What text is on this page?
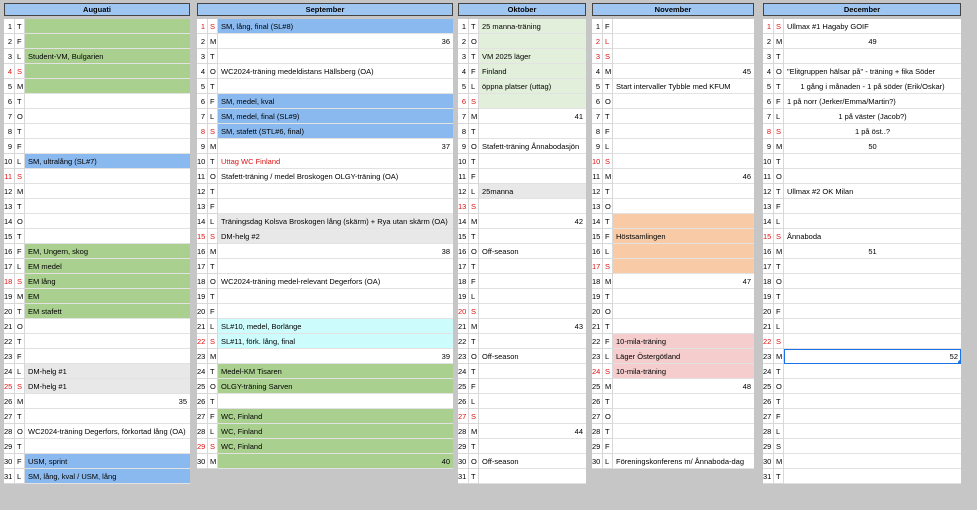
Auguati
1 T
2 F
3 L Student-VM, Bulgarien
4 S
5 M
6 T
7 O
8 T
9 F
10 L SM, ultralång (SL#7)
11 S
12 M
13 T
14 O
15 T
16 F EM, Ungern, skog
17 L EM medel
18 S EM lång
19 M EM
20 T EM stafett
21 O
22 T
23 F
24 L DM-helg #1
25 S DM-helg #1
26 M	35
27 T
28 O WC2024-träning Degerfors, förkortad lång (OA)
29 T
30 F USM, sprint
31 L SM, lång, kval / USM, lång
September
1 S SM, lång, final (SL#8)
2 M	36
3 T
4 O WC2024-träning medeldistans Hällsberg (OA)
5 T
6 F SM, medel, kval
7 L SM, medel, final (SL#9)
8 S SM, stafett (STL#6, final)
9 M	37
10 T Uttag WC Finland
11 O Stafett-träning / medel Broskogen OLGY-träning (OA)
12 T
13 F
14 L Träningsdag Kolsva Broskogen lång (skärm) + Rya utan skärm (OA)
15 S DM-helg #2
16 M	38
17 T
18 O WC2024-träning medel-relevant Degerfors (OA)
19 T
20 F
21 L SL#10, medel, Borlänge
22 S SL#11, förk. lång, final
23 M	39
24 T Medel-KM Tisaren
25 O OLGY-träning Sarven
26 T
27 F WC, Finland
28 L WC, Finland
29 S WC, Finland
30 M	40
Oktober
1 T 25 manna-träning
2 O
3 T VM 2025 läger
4 F Finland
5 L öppna platser (uttag)
6 S
7 M	41
8 T
9 O Stafett-träning Ånnabodasjön
10 T
11 F
12 L 25manna
13 S
14 M	42
15 T
16 O Off-season
17 T
18 F
19 L
20 S
21 M	43
22 T
23 O Off-season
24 T
25 F
26 L
27 S
28 M	44
29 T
30 O Off-season
31 T
November
1 F
2 L
3 S
4 M	45
5 T Start intervaller Tybble med KFUM
6 O
7 T
8 F
9 L
10 S
11 M	46
12 T
13 O
14 T
15 F Höstsamlingen
16 L
17 S
18 M	47
19 T
20 O
21 T
22 F 10-mila-träning
23 L Läger Östergötland
24 S 10-mila-träning
25 M	48
26 T
27 O
28 T
29 F
30 L Föreningskonferens m/ Ånnaboda-dag
December
1 S Ullmax #1 Hagaby GOIF
2 M	49
3 T
4 O "Elitgruppen hälsar på" - träning + fika Söder
5 T	1 gång i månaden - 1 på söder (Erik/Oskar)
6 F 1 på norr (Jerker/Emma/Martin?)
7 L	1 på väster (Jacob?)
8 S	1 på öst..?
9 M	50
10 T
11 O
12 T Ullmax #2 OK Milan
13 F
14 L
15 S Ånnaboda
16 M	51
17 T
18 O
19 T
20 F
21 L
22 S
23 M	52
24 T
25 O
26 T
27 F
28 L
29 S
30 M
31 T
